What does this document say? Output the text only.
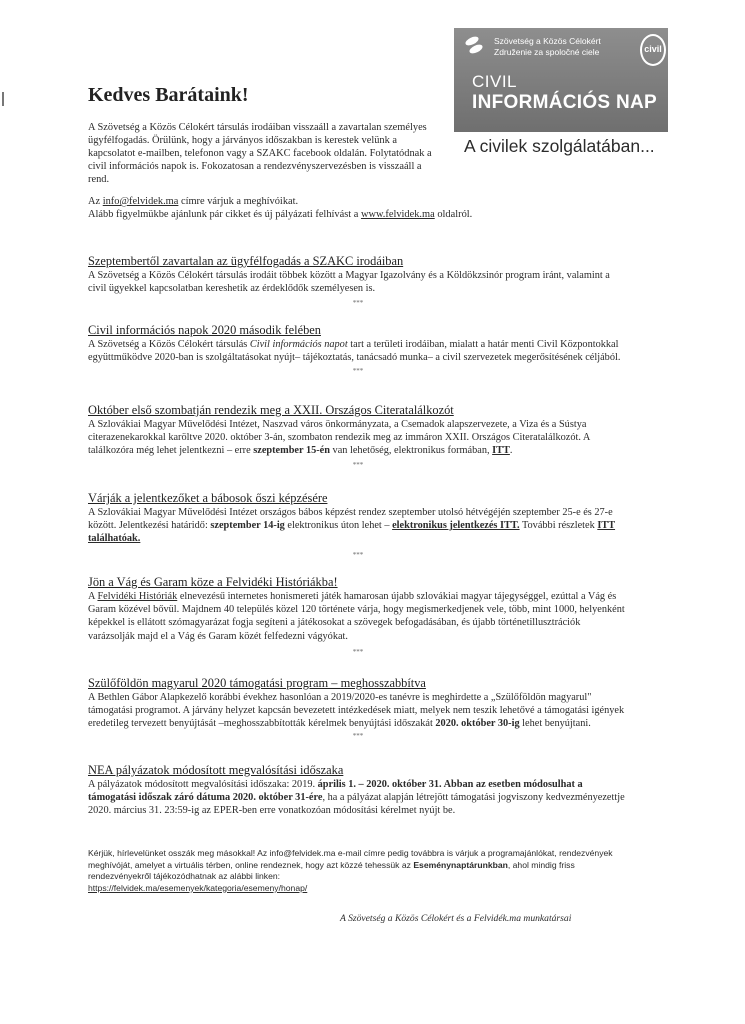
Szövetség a Közös Célokért
Združenie za spoločné ciele	civil
CIVIL
INFORMÁCIÓS NAP
A civilek szolgálatában...
Kedves Barátaink!

A Szövetség a Közös Célokért társulás irodáiban visszaáll a zavartalan személyes ügyfélfogadás. Örülünk, hogy a járványos időszakban is kerestek velünk a kapcsolatot e-mailben, telefonon vagy a SZAKC facebook oldalán. Folytatódnak a civil információs napok is. Fokozatosan a rendezvényszervezésben is visszaáll a rend.

Az info@felvidek.ma címre várjuk a meghívóikat.
Alább figyelmükbe ajánlunk pár cikket és új pályázati felhívást a www.felvidek.ma oldalról.
Szeptembertől zavartalan az ügyfélfogadás a SZAKC irodáiban

A Szövetség a Közös Célokért társulás irodáit többek között a Magyar Igazolvány és a Köldökzsinór program iránt, valamint a civil ügyekkel kapcsolatban kereshetik az érdeklődők személyesen is.

***
Civil információs napok 2020 második felében

A Szövetség a Közös Célokért társulás Civil információs napot tart a területi irodáiban, mialatt a határ menti Civil Központokkal együttműködve 2020-ban is szolgáltatásokat nyújt– tájékoztatás, tanácsadó munka– a civil szervezetek megerősítésének céljából.

***
Október első szombatján rendezik meg a XXII. Országos Citeratalálkozót

A Szlovákiai Magyar Művelődési Intézet, Naszvad város önkormányzata, a Csemadok alapszervezete, a Viza és a Sústya citerazenekarokkal karöltve 2020. október 3-án, szombaton rendezik meg az immáron XXII. Országos Citeratalálkozót. A találkozóra még lehet jelentkezni – erre szeptember 15-én van lehetőség, elektronikus formában, ITT.

***
Várják a jelentkezőket a bábosok őszi képzésére

A Szlovákiai Magyar Művelődési Intézet országos bábos képzést rendez szeptember utolsó hétvégéjén szeptember 25-e és 27-e között. Jelentkezési határidő: szeptember 14-ig elektronikus úton lehet – elektronikus jelentkezés ITT. További részletek ITT találhatóak.

***
Jön a Vág és Garam köze a Felvidéki Históriákba!

A Felvidéki Históriák elnevezésű internetes honismereti játék hamarosan újabb szlovákiai magyar tájegységgel, ezúttal a Vág és Garam közével bővül. Majdnem 40 település közel 120 története várja, hogy megismerkedjenek vele, több, mint 1000, helyenként képekkel is ellátott szómagyarázat fogja segíteni a játékosokat a szövegek befogadásában, és újabb történetillusztrációk varázsolják majd el a Vág és Garam közét felfedezni vágyókat.

***
Szülőföldön magyarul 2020 támogatási program – meghosszabbítva

A Bethlen Gábor Alapkezelő korábbi évekhez hasonlóan a 2019/2020-es tanévre is meghirdette a „Szülőföldön magyarul" támogatási programot. A járvány helyzet kapcsán bevezetett intézkedések miatt, melyek nem teszik lehetővé a támogatási igények eredetileg tervezett benyújtását –meghosszabbították kérelmek benyújtási időszakát 2020. október 30-ig lehet benyújtani.

***
NEA pályázatok módosított megvalósítási időszaka

A pályázatok módosított megvalósítási időszaka: 2019. április 1. – 2020. október 31. Abban az esetben módosulhat a támogatási időszak záró dátuma 2020. október 31-ére, ha a pályázat alapján létrejött támogatási jogviszony kedvezményezettje 2020. március 31. 23:59-ig az EPER-ben erre vonatkozóan módosítási kérelmet nyújt be.

Kérjük, hírlevelünket osszák meg másokkal! Az info@felvidek.ma e-mail címre pedig továbbra is várjuk a programajánlókat, rendezvények meghívóját, amelyet a virtuális térben, online rendeznek, hogy azt közzé tehessük az Eseménynaptárunkban, ahol mindig friss rendezvényekről tájékozódhatnak az alábbi linken:
https://felvidek.ma/esemenyek/kategoria/esemeny/honap/

A Szövetség a Közös Célokért és a Felvidék.ma munkatársai
